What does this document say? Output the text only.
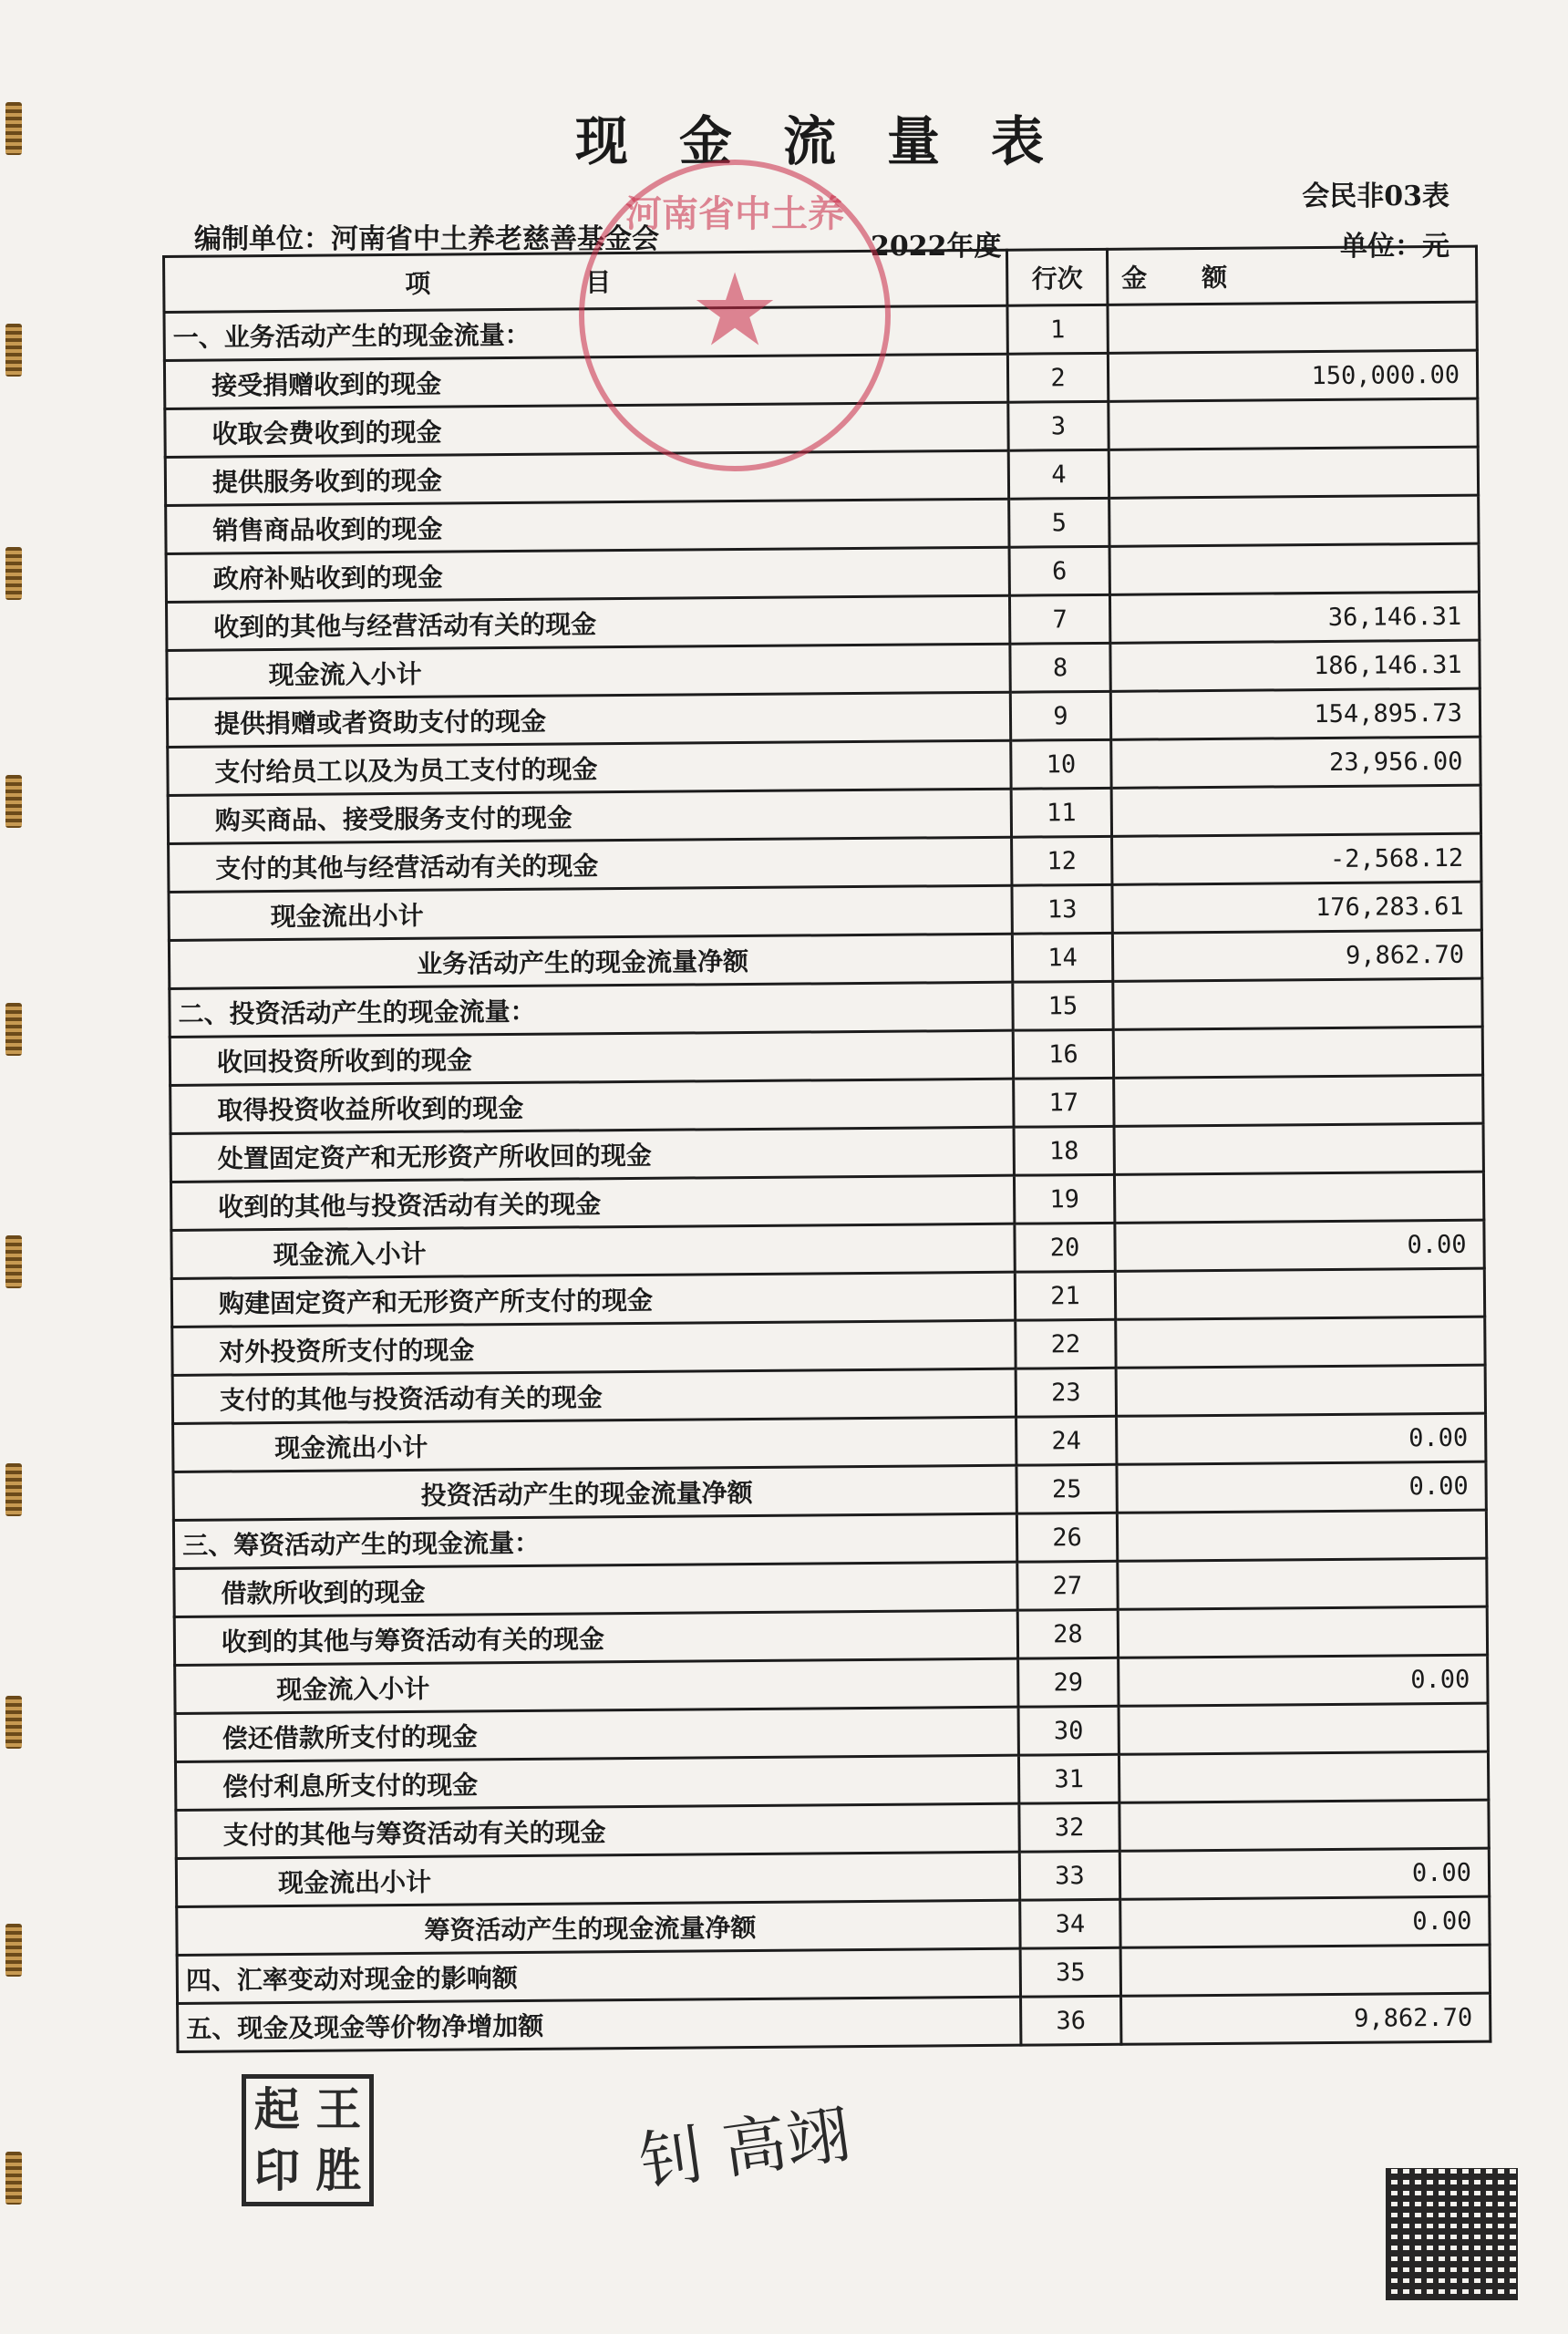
现金流量表
会民非03表
编制单位：河南省中土养老慈善基金会	2022年度	单位：元
项目	行次	金额
一、业务活动产生的现金流量：	1	
接受捐赠收到的现金	2	150,000.00
收取会费收到的现金	3	
提供服务收到的现金	4	
销售商品收到的现金	5	
政府补贴收到的现金	6	
收到的其他与经营活动有关的现金	7	36,146.31
现金流入小计	8	186,146.31
提供捐赠或者资助支付的现金	9	154,895.73
支付给员工以及为员工支付的现金	10	23,956.00
购买商品、接受服务支付的现金	11	
支付的其他与经营活动有关的现金	12	-2,568.12
现金流出小计	13	176,283.61
业务活动产生的现金流量净额	14	9,862.70
二、投资活动产生的现金流量：	15	
收回投资所收到的现金	16	
取得投资收益所收到的现金	17	
处置固定资产和无形资产所收回的现金	18	
收到的其他与投资活动有关的现金	19	
现金流入小计	20	0.00
购建固定资产和无形资产所支付的现金	21	
对外投资所支付的现金	22	
支付的其他与投资活动有关的现金	23	
现金流出小计	24	0.00
投资活动产生的现金流量净额	25	0.00
三、筹资活动产生的现金流量：	26	
借款所收到的现金	27	
收到的其他与筹资活动有关的现金	28	
现金流入小计	29	0.00
偿还借款所支付的现金	30	
偿付利息所支付的现金	31	
支付的其他与筹资活动有关的现金	32	
现金流出小计	33	0.00
筹资活动产生的现金流量净额	34	0.00
四、汇率变动对现金的影响额	35	
五、现金及现金等价物净增加额	36	9,862.70
河南省中土养
★
起 王
印 胜	钊 高翊
